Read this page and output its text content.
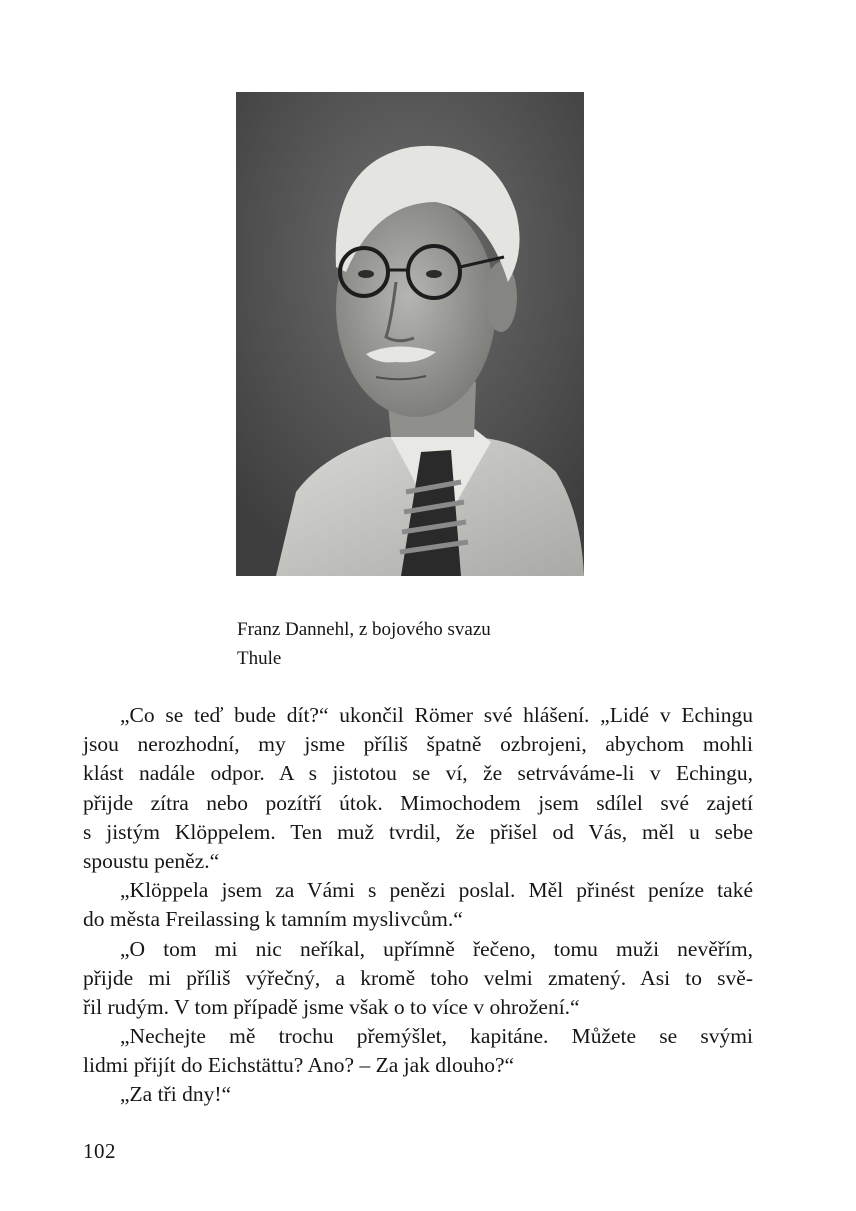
Franz Dannehl, z bojového svazu
Thule
„Co se teď bude dít?“ ukončil Römer své hlášení. „Lidé v Echingu
jsou nerozhodní, my jsme příliš špatně ozbrojeni, abychom mohli
klást nadále odpor. A s jistotou se ví, že setrváváme-li v Echingu,
přijde zítra nebo pozítří útok. Mimochodem jsem sdílel své zajetí
s jistým Klöppelem. Ten muž tvrdil, že přišel od Vás, měl u sebe
spoustu peněz.“
„Klöppela jsem za Vámi s penězi poslal. Měl přinést peníze také
do města Freilassing k tamním myslivcům.“
„O tom mi nic neříkal, upřímně řečeno, tomu muži nevěřím,
přijde mi příliš výřečný, a kromě toho velmi zmatený. Asi to svě-
řil rudým. V tom případě jsme však o to více v ohrožení.“
„Nechejte mě trochu přemýšlet, kapitáne. Můžete se svými
lidmi přijít do Eichstättu? Ano? – Za jak dlouho?“
„Za tři dny!“
102
